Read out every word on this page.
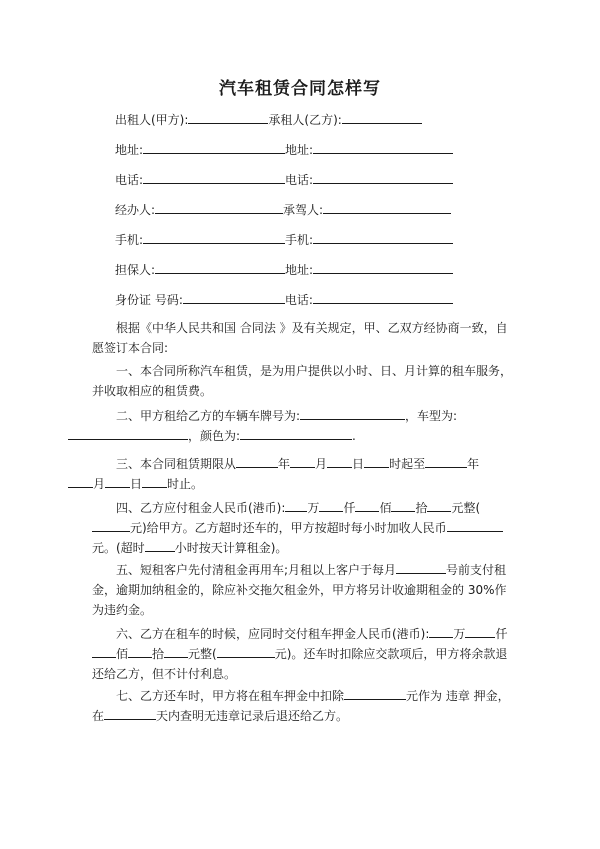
汽车租赁合同怎样写
出租人(甲方):	承租人(乙方):
地址:	地址:
电话:	电话:
经办人:	承驾人:
手机:	手机:
担保人:	地址:
身份证 号码:	电话:

根据《中华人民共和国 合同法 》及有关规定，甲、乙双方经协商一致，自愿签订本合同:

一、本合同所称汽车租赁，是为用户提供以小时、日、月计算的租车服务，并收取相应的租赁费。

二、甲方租给乙方的车辆车牌号为:	，车型为:
，颜色为:	.

三、本合同租赁期限从	年 月 日 时起至	年
月 日 时止。

四、乙方应付租金人民币(港币): 万 仟 佰 拾 元整(元)给甲方。乙方超时还车的，甲方按超时每小时加收人民币元。(超时	小时按天计算租金)。

五、短租客户先付清租金再用车;月租以上客户于每月	号前支付租金，逾期加纳租金的，除应补交拖欠租金外，甲方将另计收逾期租金的 30%作为违约金。

六、乙方在租车的时候，应同时交付租车押金人民币(港币): 万	仟佰 拾 元整(	元)。还车时扣除应交款项后，甲方将余款退还给乙方，但不计付利息。

七、乙方还车时，甲方将在租车押金中扣除	元作为 违章 押金，在	天内查明无违章记录后退还给乙方。
